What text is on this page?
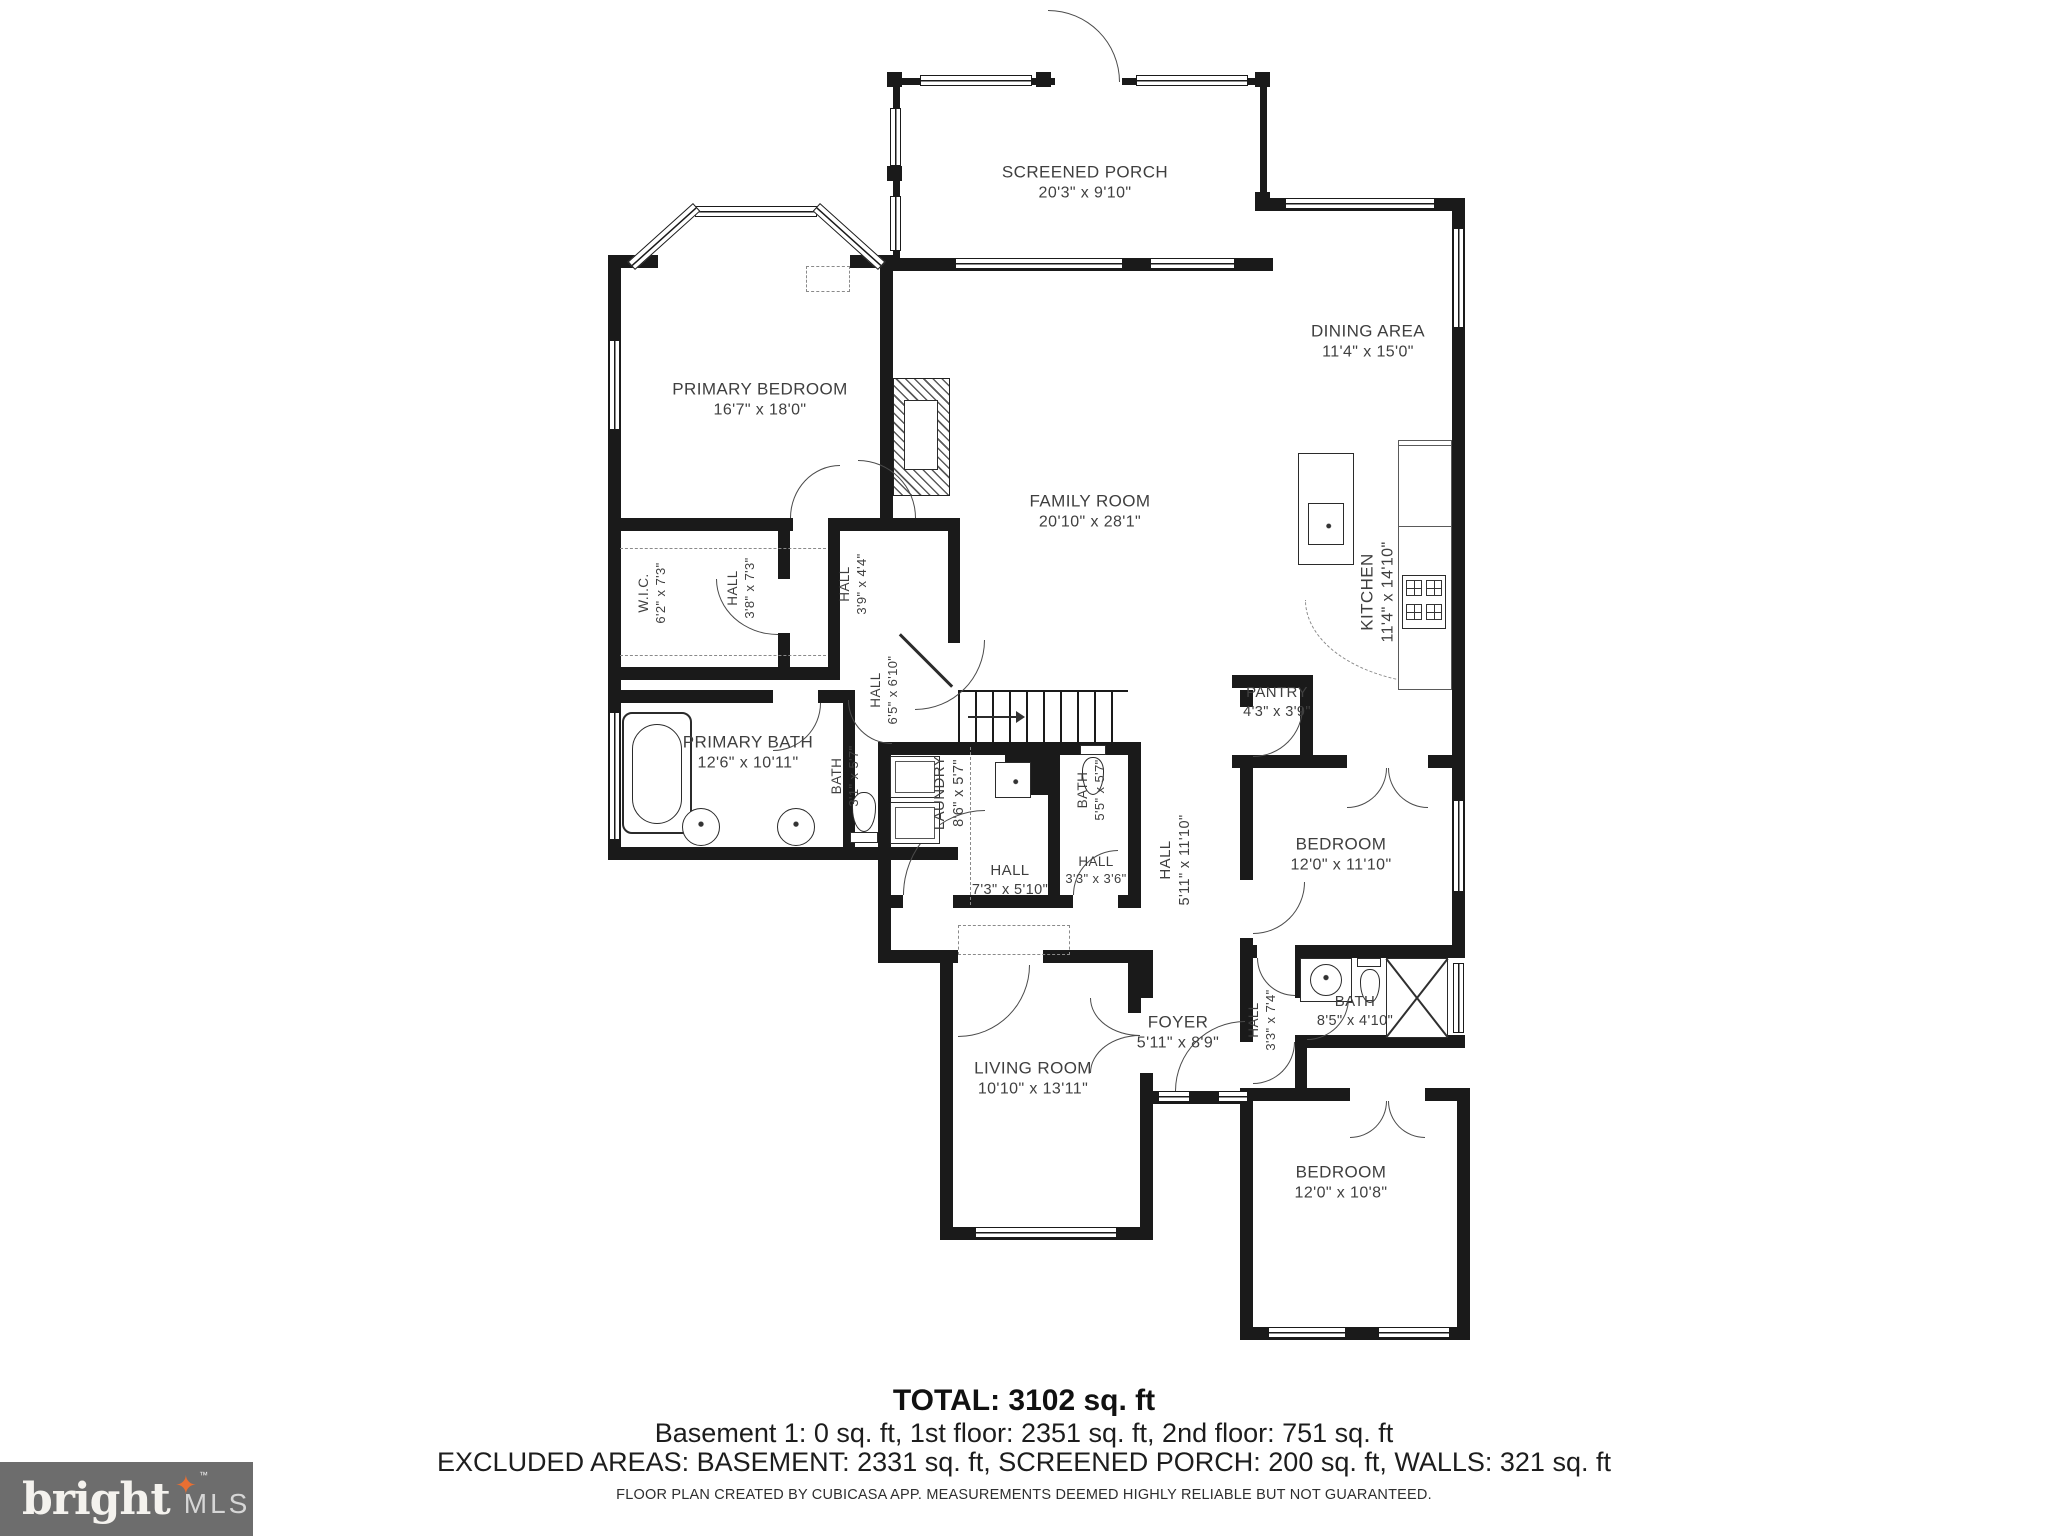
SCREENED PORCH
20'3" x 9'10"
PRIMARY BEDROOM
16'7" x 18'0"
DINING AREA
11'4" x 15'0"
FAMILY ROOM
20'10" x 28'1"
KITCHEN 11'4" x 14'10"
W.I.C. 6'2" x 7'3"	HALL 3'8" x 7'3"	HALL 3'9" x 4'4"
HALL 6'5" x 6'10"
PRIMARY BATH
12'6" x 10'11"	BATH 3'1" x 5'7"	LAUNDRY 8'6" x 5'7"	BATH 5'5" x 5'7"
HALL
7'3" x 5'10"
HALL
3'3" x 3'6" HALL 5'11" x 11'10"
PANTRY
4'3" x 3'9"
BEDROOM
12'0" x 11'10"
LIVING ROOM
10'10" x 13'11"
FOYER
5'11" x 8'9"
HALL 3'3" x 7'4"	BATH
8'5" x 4'10"
BEDROOM
12'0" x 10'8"
TOTAL: 3102 sq. ft
Basement 1: 0 sq. ft, 1st floor: 2351 sq. ft, 2nd floor: 751 sq. ft
EXCLUDED AREAS: BASEMENT: 2331 sq. ft, SCREENED PORCH: 200 sq. ft, WALLS: 321 sq. ft
FLOOR PLAN CREATED BY CUBICASA APP. MEASUREMENTS DEEMED HIGHLY RELIABLE BUT NOT GUARANTEED.
bright ✦ ™
MLS
